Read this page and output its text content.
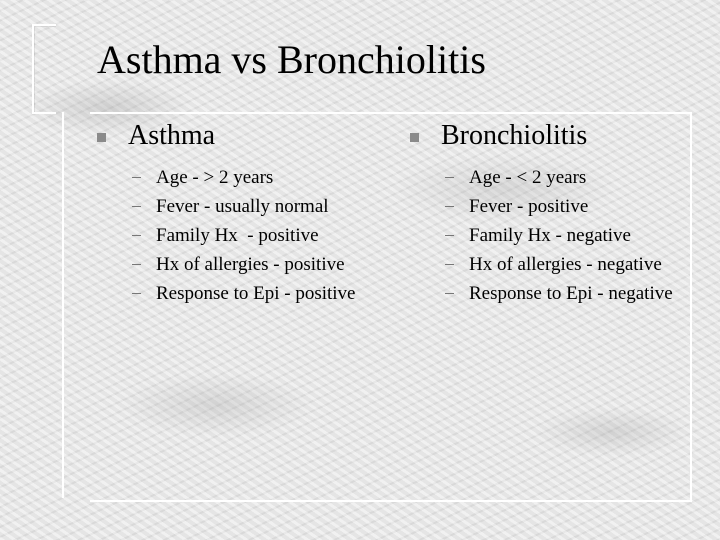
Asthma vs Bronchiolitis
Asthma
Age - > 2 years
Fever - usually normal
Family Hx  - positive
Hx of allergies - positive
Response to Epi - positive
Bronchiolitis
Age - < 2 years
Fever - positive
Family Hx - negative
Hx of allergies - negative
Response to Epi - negative
